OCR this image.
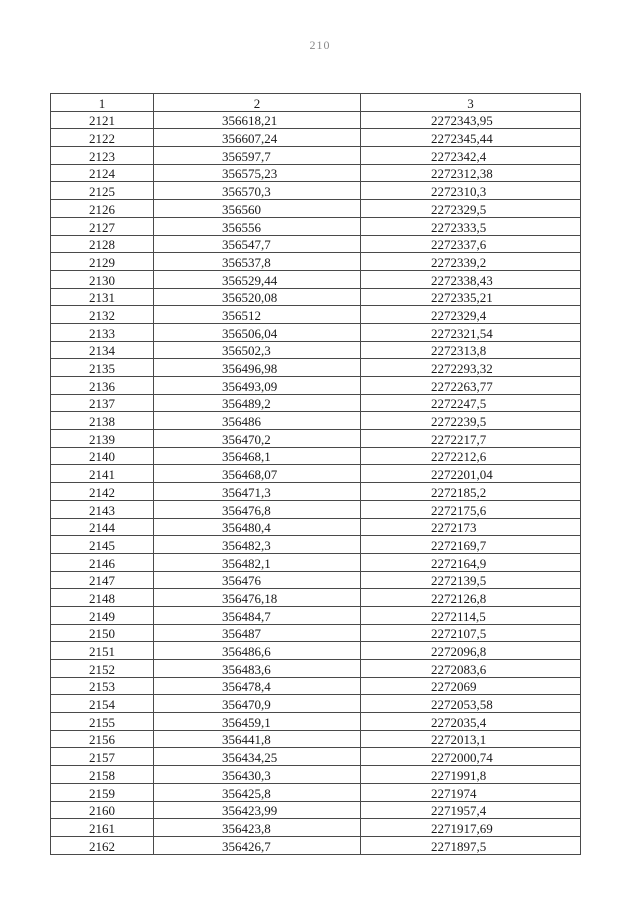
210
1	2	3
2121	356618,21	2272343,95
2122	356607,24	2272345,44
2123	356597,7	2272342,4
2124	356575,23	2272312,38
2125	356570,3	2272310,3
2126	356560	2272329,5
2127	356556	2272333,5
2128	356547,7	2272337,6
2129	356537,8	2272339,2
2130	356529,44	2272338,43
2131	356520,08	2272335,21
2132	356512	2272329,4
2133	356506,04	2272321,54
2134	356502,3	2272313,8
2135	356496,98	2272293,32
2136	356493,09	2272263,77
2137	356489,2	2272247,5
2138	356486	2272239,5
2139	356470,2	2272217,7
2140	356468,1	2272212,6
2141	356468,07	2272201,04
2142	356471,3	2272185,2
2143	356476,8	2272175,6
2144	356480,4	2272173
2145	356482,3	2272169,7
2146	356482,1	2272164,9
2147	356476	2272139,5
2148	356476,18	2272126,8
2149	356484,7	2272114,5
2150	356487	2272107,5
2151	356486,6	2272096,8
2152	356483,6	2272083,6
2153	356478,4	2272069
2154	356470,9	2272053,58
2155	356459,1	2272035,4
2156	356441,8	2272013,1
2157	356434,25	2272000,74
2158	356430,3	2271991,8
2159	356425,8	2271974
2160	356423,99	2271957,4
2161	356423,8	2271917,69
2162	356426,7	2271897,5
